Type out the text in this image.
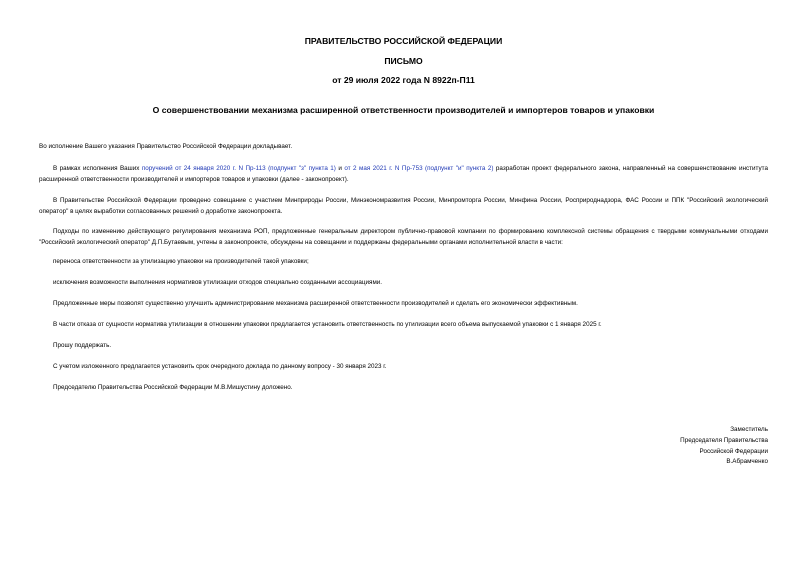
ПРАВИТЕЛЬСТВО РОССИЙСКОЙ ФЕДЕРАЦИИ
ПИСЬМО
от 29 июля 2022 года N 8922п-П11
О совершенствовании механизма расширенной ответственности производителей и импортеров товаров и упаковки
Во исполнение Вашего указания Правительство Российской Федерации докладывает.
В рамках исполнения Ваших поручений от 24 января 2020 г. N Пр-113 (подпункт "з" пункта 1) и от 2 мая 2021 г. N Пр-753 (подпункт "и" пункта 2) разработан проект федерального закона, направленный на совершенствование института расширенной ответственности производителей и импортеров товаров и упаковки (далее - законопроект).
В Правительстве Российской Федерации проведено совещание с участием Минприроды России, Минэкономразвития России, Минпромторга России, Минфина России, Росприроднадзора, ФАС России и ППК "Российский экологический оператор" в целях выработки согласованных решений о доработке законопроекта.
Подходы по изменению действующего регулирования механизма РОП, предложенные генеральным директором публично-правовой компании по формированию комплексной системы обращения с твердыми коммунальными отходами "Российский экологический оператор" Д.П.Бутаевым, учтены в законопроекте, обсуждены на совещании и поддержаны федеральными органами исполнительной власти в части:
переноса ответственности за утилизацию упаковки на производителей такой упаковки;
исключения возможности выполнения нормативов утилизации отходов специально созданными ассоциациями.
Предложенные меры позволят существенно улучшить администрирование механизма расширенной ответственности производителей и сделать его экономически эффективным.
В части отказа от сущности норматива утилизации в отношении упаковки предлагается установить ответственность по утилизации всего объема выпускаемой упаковки с 1 января 2025 г.
Прошу поддержать.
С учетом изложенного предлагается установить срок очередного доклада по данному вопросу - 30 января 2023 г.
Председателю Правительства Российской Федерации М.В.Мишустину доложено.
Заместитель
Председателя Правительства
Российской Федерации
В.Абрамченко
